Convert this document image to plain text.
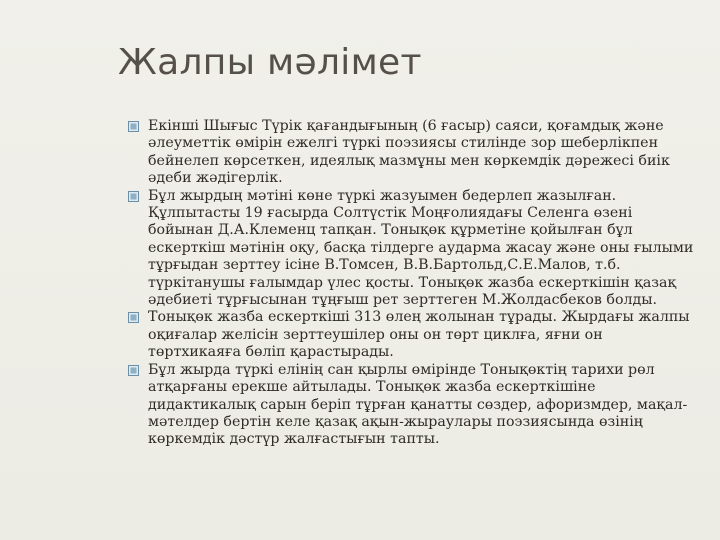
Жалпы мәлімет
Екінші Шығыс Түрік қағандығының (6 ғасыр) саяси, қоғамдық және әлеуметтік өмірін ежелгі түркі поэзиясы стилінде зор шеберлікпен бейнелеп көрсеткен, идеялық мазмұны мен көркемдік дәрежесі биік әдеби жәдігерлік.
Бұл жырдың мәтіні көне түркі жазуымен бедерлеп жазылған. Құлпытасты 19 ғасырда Солтүстік Моңғолиядағы Селенга өзені бойынан Д.А.Клеменц тапқан. Тонықөк құрметіне қойылған бұл ескерткіш мәтінін оқу, басқа тілдерге аударма жасау және оны ғылыми тұрғыдан зерттеу ісіне В.Томсен, В.В.Бартольд,С.Е.Малов, т.б. түркітанушы ғалымдар үлес қосты. Тонықөк жазба ескерткішін қазақ әдебиеті тұрғысынан тұңғыш рет зерттеген М.Жолдасбеков болды.
Тонықөк жазба ескерткіші 313 өлең жолынан тұрады. Жырдағы жалпы оқиғалар желісін зерттеушілер оны он төрт циклға, яғни он төртхикаяға бөліп қарастырады.
Бұл жырда түркі елінің сан қырлы өмірінде Тонықөктің тарихи рөл атқарғаны ерекше айтылады. Тонықөк жазба ескерткішіне дидактикалық сарын беріп тұрған қанатты сөздер, афоризмдер, мақал-мәтелдер бертін келе қазақ ақын-жыраулары поэзиясында өзінің көркемдік дәстүр жалғастығын тапты.
